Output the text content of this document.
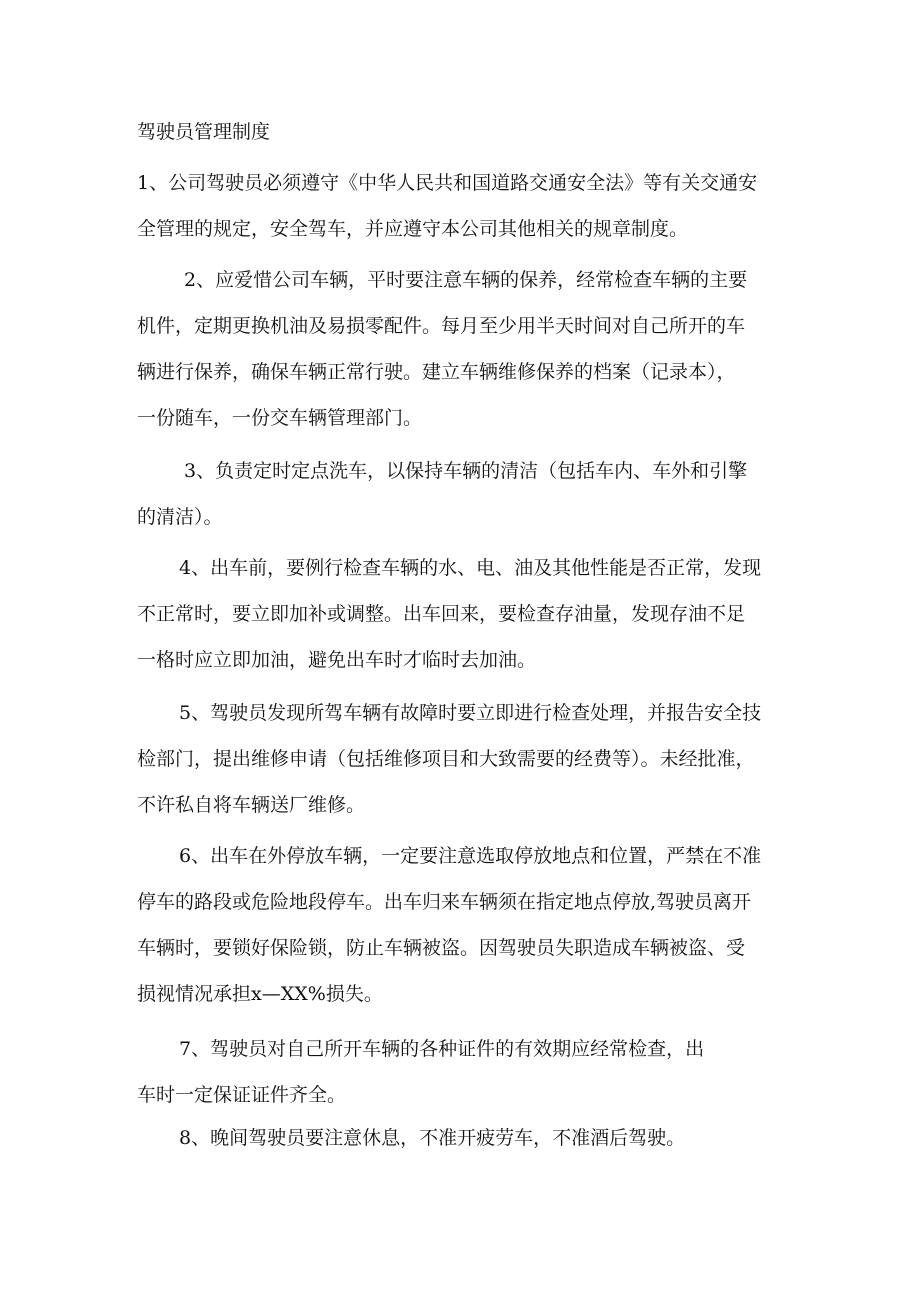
驾驶员管理制度
1、公司驾驶员必须遵守《中华人民共和国道路交通安全法》等有关交通安
全管理的规定，安全驾车，并应遵守本公司其他相关的规章制度。
　2、应爱惜公司车辆，平时要注意车辆的保养，经常检查车辆的主要
机件，定期更换机油及易损零配件。每月至少用半天时间对自己所开的车
辆进行保养，确保车辆正常行驶。建立车辆维修保养的档案（记录本），
一份随车，一份交车辆管理部门。
　3、负责定时定点洗车，以保持车辆的清洁（包括车内、车外和引擎
的清洁）。
　4、出车前，要例行检查车辆的水、电、油及其他性能是否正常，发现
不正常时，要立即加补或调整。出车回来，要检查存油量，发现存油不足
一格时应立即加油，避免出车时才临时去加油。
　5、驾驶员发现所驾车辆有故障时要立即进行检查处理，并报告安全技
检部门，提出维修申请（包括维修项目和大致需要的经费等）。未经批准，
不许私自将车辆送厂维修。
　6、出车在外停放车辆，一定要注意选取停放地点和位置，严禁在不准
停车的路段或危险地段停车。出车归来车辆须在指定地点停放,驾驶员离开
车辆时，要锁好保险锁，防止车辆被盗。因驾驶员失职造成车辆被盗、受
损视情况承担x—XX%损失。
　7、驾驶员对自己所开车辆的各种证件的有效期应经常检查，出
车时一定保证证件齐全。
　8、晚间驾驶员要注意休息，不准开疲劳车，不准酒后驾驶。
